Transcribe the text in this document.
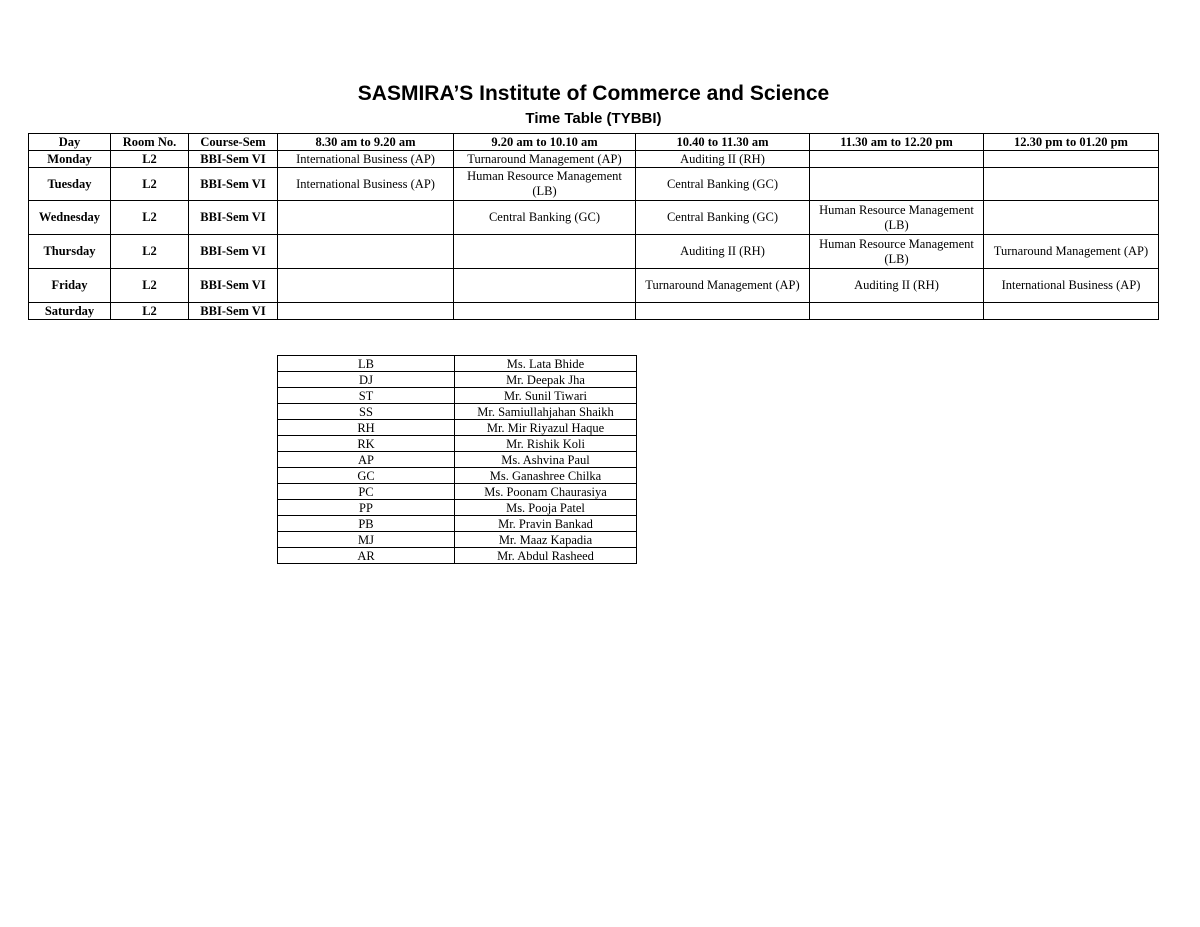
SASMIRA’S Institute of Commerce and Science
Time Table (TYBBI)
Day	Room No.	Course-Sem	8.30 am to 9.20 am	9.20 am to 10.10 am	10.40 to 11.30 am	11.30 am to 12.20 pm	12.30 pm to 01.20 pm
Monday	L2	BBI-Sem VI	International Business (AP)	Turnaround Management (AP)	Auditing II (RH)		
Tuesday	L2	BBI-Sem VI	International Business (AP)	Human Resource Management (LB)	Central Banking (GC)		
Wednesday	L2	BBI-Sem VI		Central Banking (GC)	Central Banking (GC)	Human Resource Management (LB)	
Thursday	L2	BBI-Sem VI			Auditing II (RH)	Human Resource Management (LB)	Turnaround Management (AP)
Friday	L2	BBI-Sem VI			Turnaround Management (AP)	Auditing II (RH)	International Business (AP)
Saturday	L2	BBI-Sem VI					
LB	Ms. Lata Bhide
DJ	Mr. Deepak Jha
ST	Mr. Sunil Tiwari
SS	Mr. Samiullahjahan Shaikh
RH	Mr. Mir Riyazul Haque
RK	Mr. Rishik Koli
AP	Ms. Ashvina Paul
GC	Ms. Ganashree Chilka
PC	Ms. Poonam Chaurasiya
PP	Ms. Pooja Patel
PB	Mr. Pravin Bankad
MJ	Mr. Maaz Kapadia
AR	Mr. Abdul Rasheed
